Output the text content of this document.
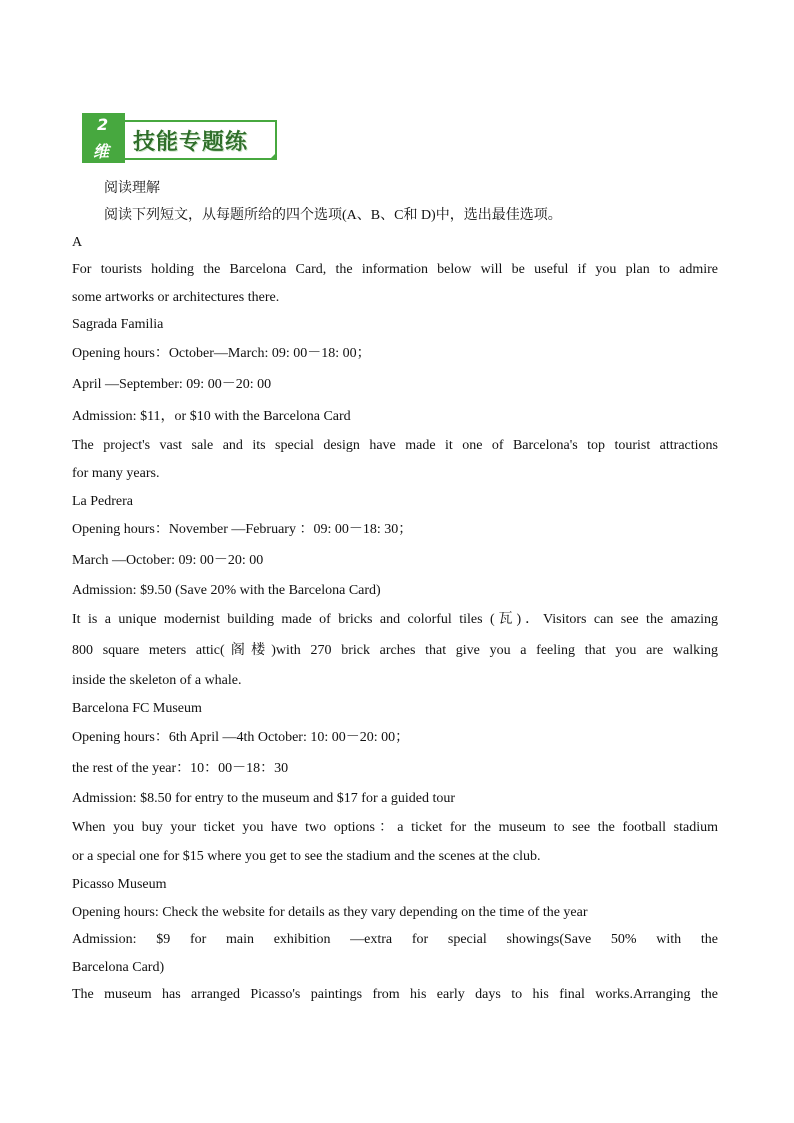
2
维 技能专题练
阅读理解
阅读下列短文，从每题所给的四个选项(A、B、C和 D)中，选出最佳选项。
A
For tourists holding the Barcelona Card, the information below will be useful if you plan to admire
some artworks or architectures there.
Sagrada Familia
Opening hours：October—March: 09: 00－18: 00；
April —September: 09: 00－20: 00
Admission: $11，or $10 with the Barcelona Card
The project's vast sale and its special design have made it one of Barcelona's top tourist attractions
for many years.
La Pedrera
Opening hours：November —February ：09: 00－18: 30；
March —October: 09: 00－20: 00
Admission: $9.50 (Save 20% with the Barcelona Card)
It is a unique modernist building made of bricks and colorful tiles (瓦)．Visitors can see the amazing
800 square meters attic(阁楼)with 270 brick arches that give you a feeling that you are walking
inside the skeleton of a whale.
Barcelona FC Museum
Opening hours：6th April —4th October: 10: 00－20: 00；
the rest of the year：10：00－18：30
Admission: $8.50 for entry to the museum and $17 for a guided tour
When you buy your ticket you have two options：a ticket for the museum to see the football stadium
or a special one for $15 where you get to see the stadium and the scenes at the club.
Picasso Museum
Opening hours: Check the website for details as they vary depending on the time of the year
Admission: $9 for main exhibition —extra for special showings(Save 50% with the
Barcelona Card)
The museum has arranged Picasso's paintings from his early days to his final works.Arranging the
